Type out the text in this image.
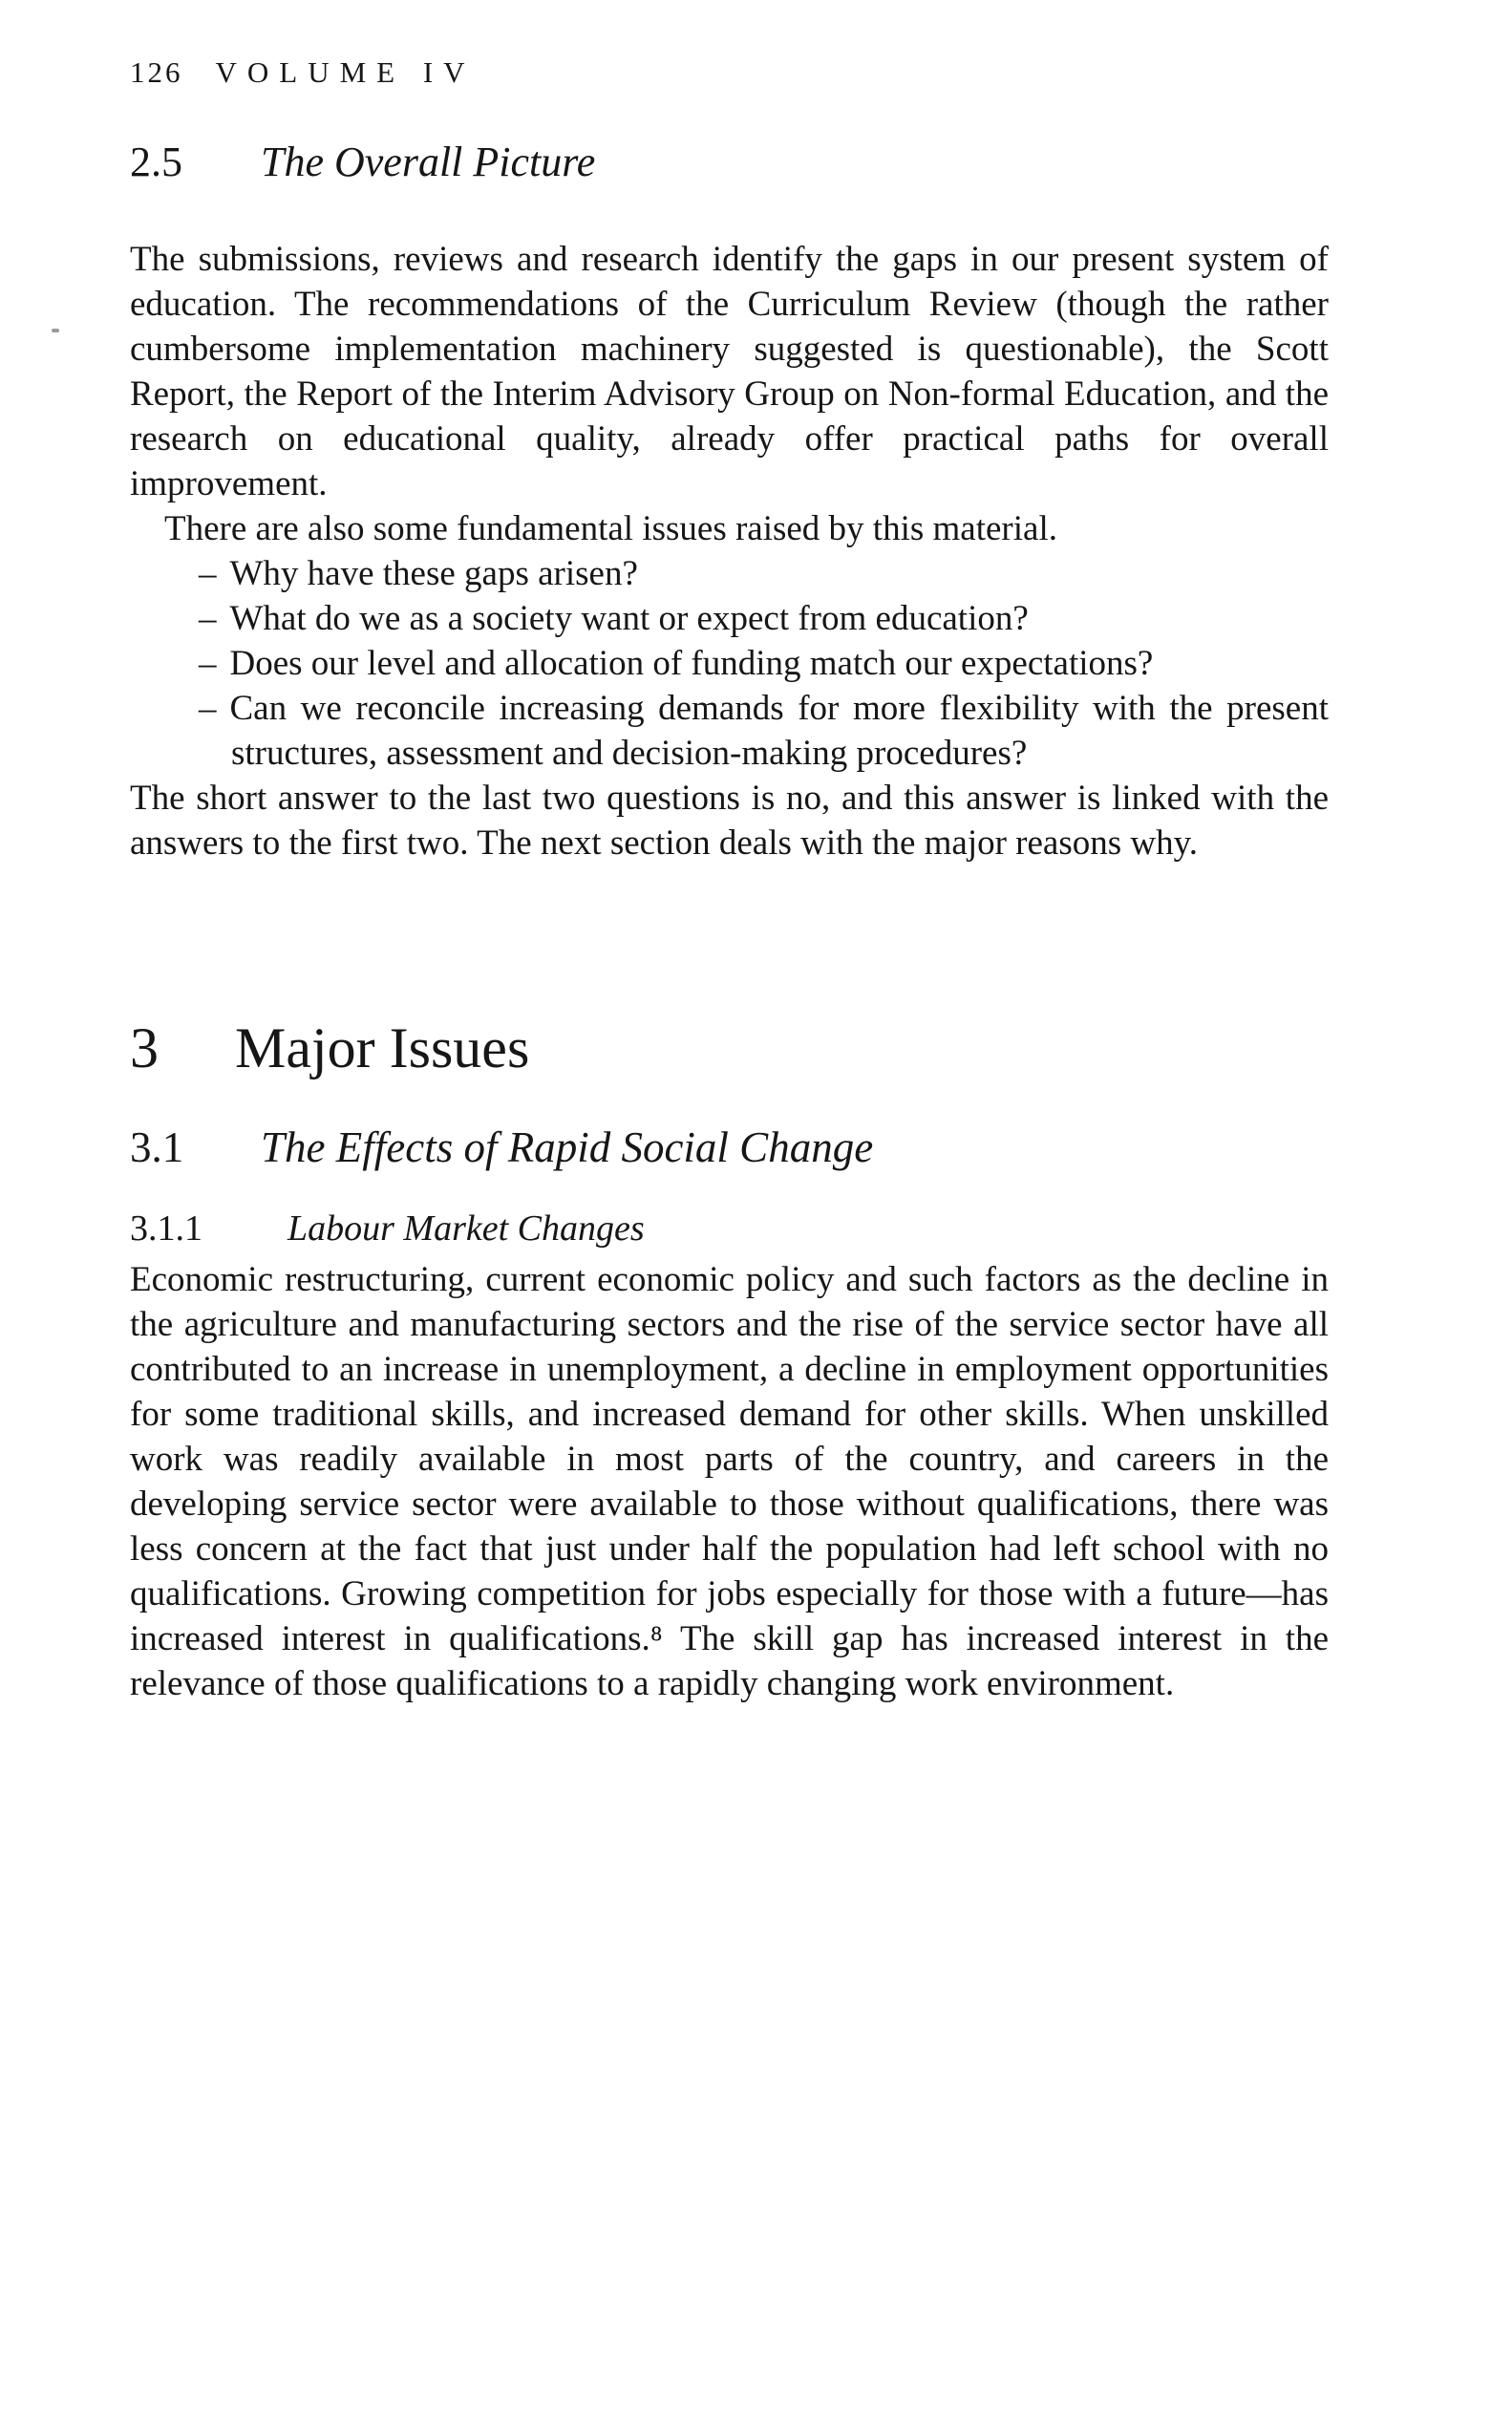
126 VOLUME IV
2.5 The Overall Picture

The submissions, reviews and research identify the gaps in our present system of education. The recommendations of the Curriculum Review (though the rather cumbersome implementation machinery suggested is questionable), the Scott Report, the Report of the Interim Advisory Group on Non-formal Education, and the research on educational quality, already offer practical paths for overall improvement.

There are also some fundamental issues raised by this material.

– Why have these gaps arisen?
– What do we as a society want or expect from education?
– Does our level and allocation of funding match our expectations?
– Can we reconcile increasing demands for more flexibility with the present structures, assessment and decision-making procedures?

The short answer to the last two questions is no, and this answer is linked with the answers to the first two. The next section deals with the major reasons why.

3 Major Issues
3.1 The Effects of Rapid Social Change
3.1.1 Labour Market Changes

Economic restructuring, current economic policy and such factors as the decline in the agriculture and manufacturing sectors and the rise of the service sector have all contributed to an increase in unemployment, a decline in employment opportunities for some traditional skills, and increased demand for other skills. When unskilled work was readily available in most parts of the country, and careers in the developing service sector were available to those without qualifications, there was less concern at the fact that just under half the population had left school with no qualifications. Growing competition for jobs especially for those with a future—has increased interest in qualifications.⁸ The skill gap has increased interest in the relevance of those qualifications to a rapidly changing work environment.
